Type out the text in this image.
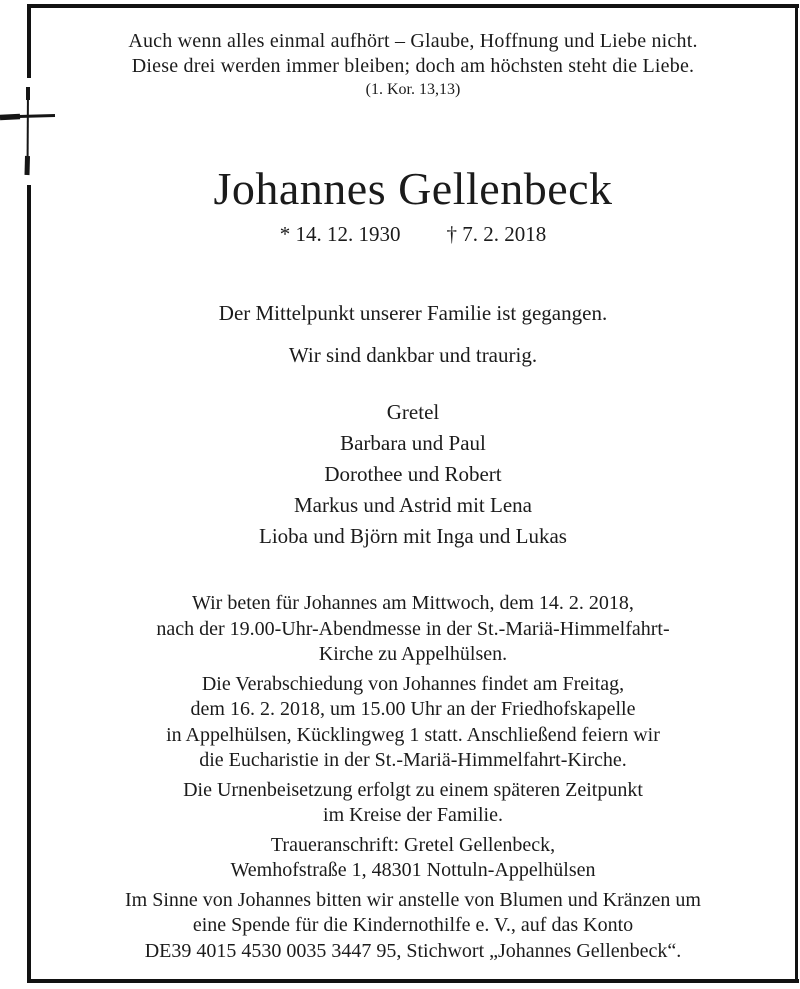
Auch wenn alles einmal aufhört – Glaube, Hoffnung und Liebe nicht.
Diese drei werden immer bleiben; doch am höchsten steht die Liebe.
(1. Kor. 13,13)
Johannes Gellenbeck
* 14. 12. 1930 † 7. 2. 2018
Der Mittelpunkt unserer Familie ist gegangen.
Wir sind dankbar und traurig.
Gretel
Barbara und Paul
Dorothee und Robert
Markus und Astrid mit Lena
Lioba und Björn mit Inga und Lukas
Wir beten für Johannes am Mittwoch, dem 14. 2. 2018,
nach der 19.00-Uhr-Abendmesse in der St.-Mariä-Himmelfahrt-
Kirche zu Appelhülsen.
Die Verabschiedung von Johannes findet am Freitag,
dem 16. 2. 2018, um 15.00 Uhr an der Friedhofskapelle
in Appelhülsen, Kücklingweg 1 statt. Anschließend feiern wir
die Eucharistie in der St.-Mariä-Himmelfahrt-Kirche.
Die Urnenbeisetzung erfolgt zu einem späteren Zeitpunkt
im Kreise der Familie.
Traueranschrift: Gretel Gellenbeck,
Wemhofstraße 1, 48301 Nottuln-Appelhülsen
Im Sinne von Johannes bitten wir anstelle von Blumen und Kränzen um
eine Spende für die Kindernothilfe e. V., auf das Konto
DE39 4015 4530 0035 3447 95, Stichwort „Johannes Gellenbeck“.
